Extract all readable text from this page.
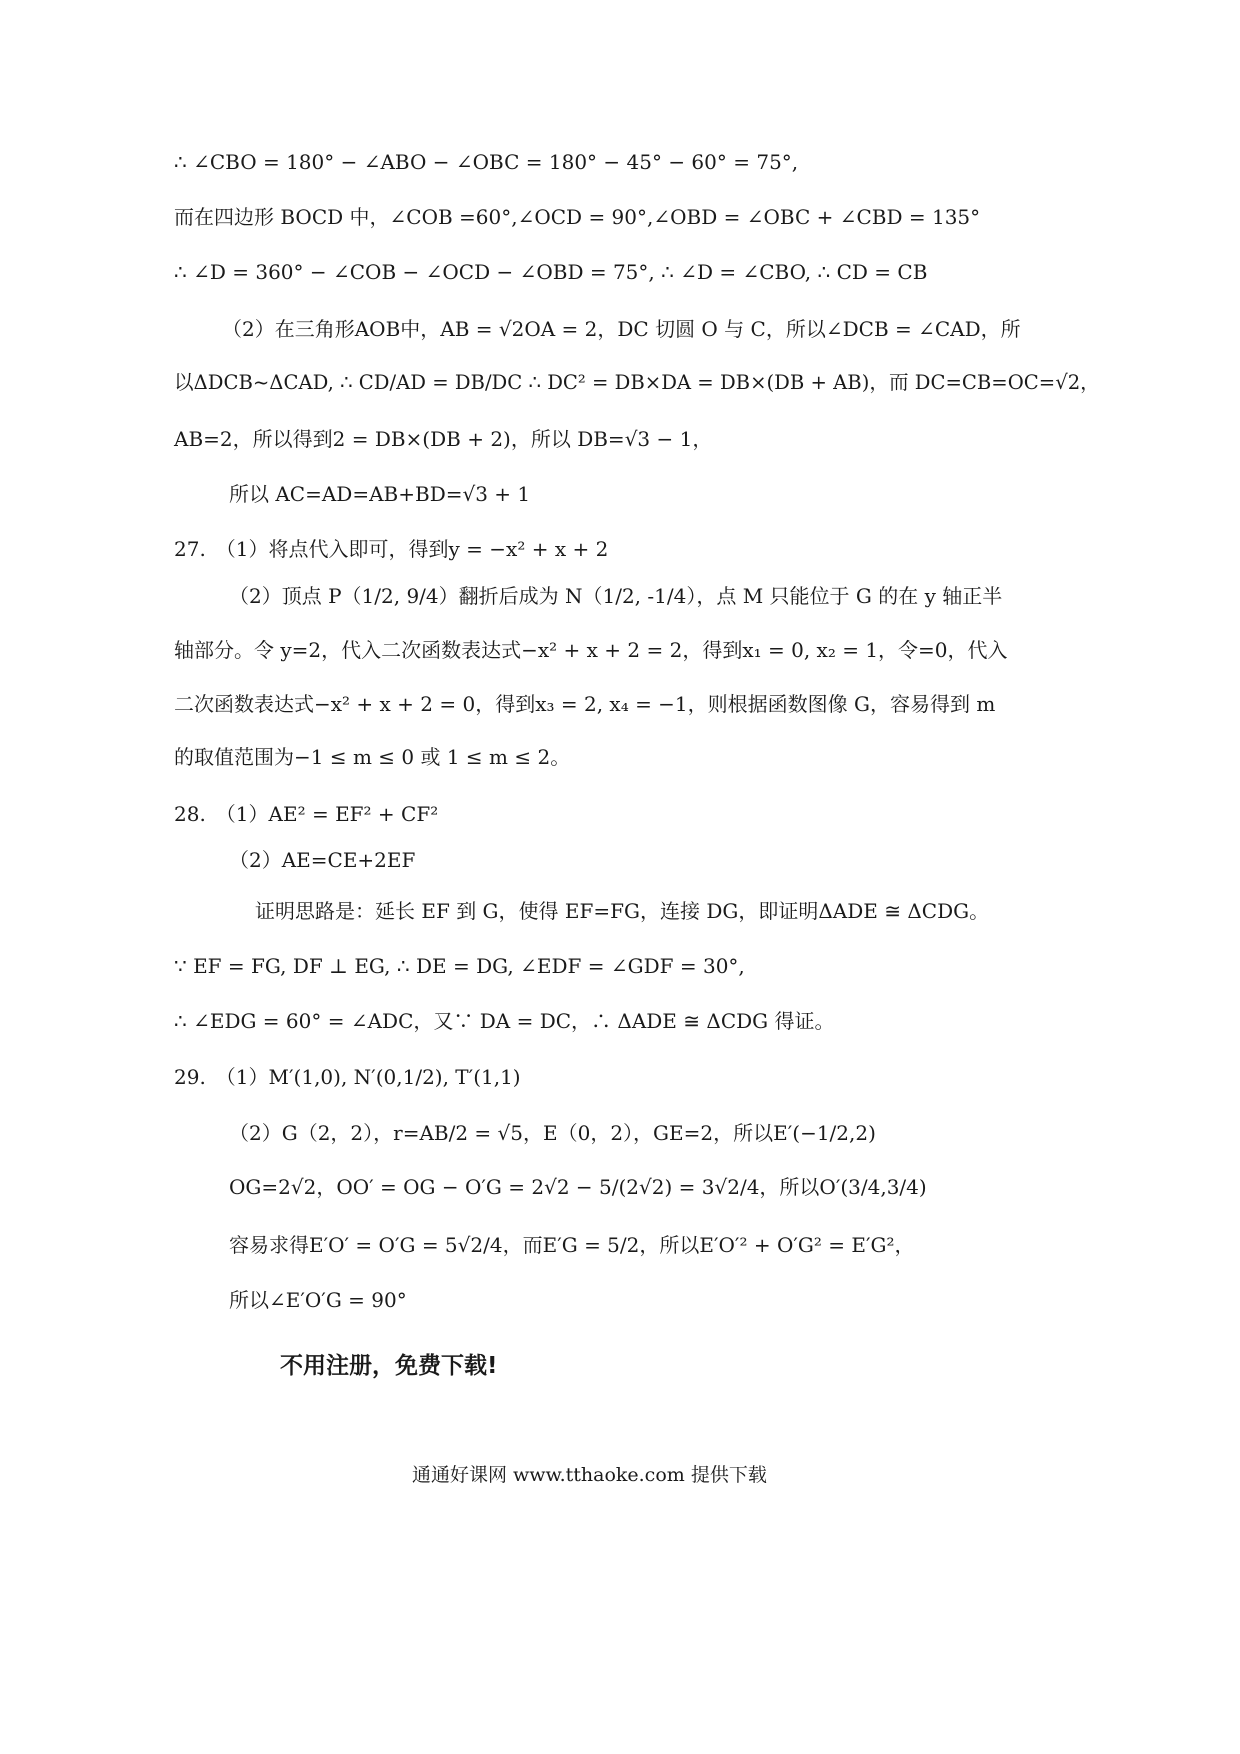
∴ ∠CBO = 180° − ∠ABO − ∠OBC = 180° − 45° − 60° = 75°,
而在四边形 BOCD 中，∠COB =60°,∠OCD = 90°,∠OBD = ∠OBC + ∠CBD = 135°
∴ ∠D = 360° − ∠COB − ∠OCD − ∠OBD = 75°, ∴ ∠D = ∠CBO, ∴ CD = CB
（2）在三角形AOB中，AB = √2OA = 2，DC 切圆 O 与 C，所以∠DCB = ∠CAD，所
以ΔDCB~ΔCAD, ∴ CD/AD = DB/DC ∴ DC² = DB×DA = DB×(DB + AB)，而 DC=CB=OC=√2，
AB=2，所以得到2 = DB×(DB + 2)，所以 DB=√3 − 1，
所以 AC=AD=AB+BD=√3 + 1
27.　（1）将点代入即可，得到y = −x² + x + 2
（2）顶点 P（1/2, 9/4）翻折后成为 N（1/2, -1/4），点 M 只能位于 G 的在 y 轴正半
轴部分。令 y=2，代入二次函数表达式−x² + x + 2 = 2，得到x₁ = 0, x₂ = 1，令=0，代入
二次函数表达式−x² + x + 2 = 0，得到x₃ = 2, x₄ = −1，则根据函数图像 G，容易得到 m
的取值范围为−1 ≤ m ≤ 0 或 1 ≤ m ≤ 2。
28.　（1）AE² = EF² + CF²
（2）AE=CE+2EF
证明思路是：延长 EF 到 G，使得 EF=FG，连接 DG，即证明ΔADE ≅ ΔCDG。
∵ EF = FG, DF ⊥ EG, ∴ DE = DG, ∠EDF = ∠GDF = 30°,
∴ ∠EDG = 60° = ∠ADC，又∵ DA = DC，∴ ΔADE ≅ ΔCDG 得证。
29.　（1）M′(1,0), N′(0,1/2), T′(1,1)
（2）G（2，2），r=AB/2 = √5，E（0，2），GE=2，所以E′(−1/2,2)
OG=2√2，OO′ = OG − O′G = 2√2 − 5/(2√2) = 3√2/4，所以O′(3/4,3/4)
容易求得E′O′ = O′G = 5√2/4，而E′G = 5/2，所以E′O′² + O′G² = E′G²，
所以∠E′O′G = 90°
不用注册，免费下载!
通通好课网 www.tthaoke.com 提供下载
